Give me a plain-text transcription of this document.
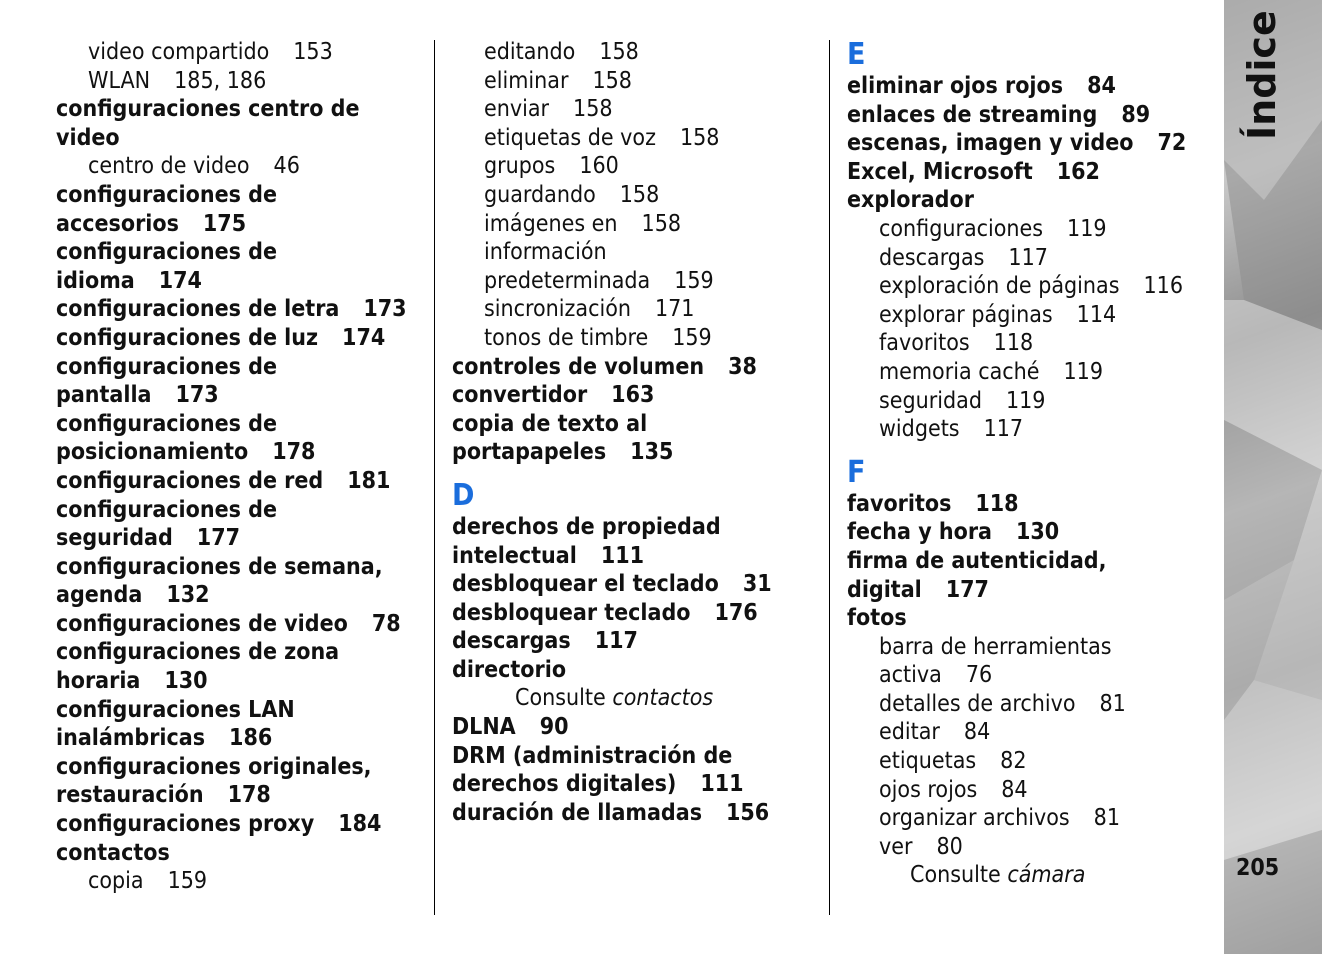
video compartido 153
WLAN 185, 186
configuraciones centro de
video
centro de video 46
configuraciones de
accesorios 175
configuraciones de
idioma 174
configuraciones de letra 173
configuraciones de luz 174
configuraciones de
pantalla 173
configuraciones de
posicionamiento 178
configuraciones de red 181
configuraciones de
seguridad 177
configuraciones de semana,
agenda 132
configuraciones de video 78
configuraciones de zona
horaria 130
configuraciones LAN
inalámbricas 186
configuraciones originales,
restauración 178
configuraciones proxy 184
contactos
copia 159
editando 158
eliminar 158
enviar 158
etiquetas de voz 158
grupos 160
guardando 158
imágenes en 158
información
predeterminada 159
sincronización 171
tonos de timbre 159
controles de volumen 38
convertidor 163
copia de texto al
portapapeles 135
D
derechos de propiedad
intelectual 111
desbloquear el teclado 31
desbloquear teclado 176
descargas 117
directorio
Consulte contactos
DLNA 90
DRM (administración de
derechos digitales) 111
duración de llamadas 156
E
eliminar ojos rojos 84
enlaces de streaming 89
escenas, imagen y video 72
Excel, Microsoft 162
explorador
configuraciones 119
descargas 117
exploración de páginas 116
explorar páginas 114
favoritos 118
memoria caché 119
seguridad 119
widgets 117
F
favoritos 118
fecha y hora 130
firma de autenticidad,
digital 177
fotos
barra de herramientas
activa 76
detalles de archivo 81
editar 84
etiquetas 82
ojos rojos 84
organizar archivos 81
ver 80
Consulte cámara
Índice
205
